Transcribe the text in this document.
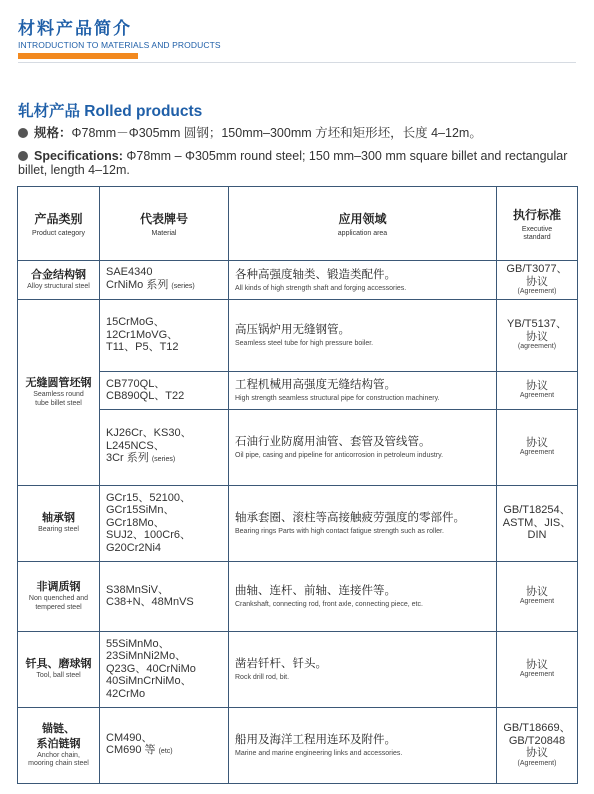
材料产品简介
INTRODUCTION TO MATERIALS AND PRODUCTS
轧材产品 Rolled products
规格：Φ78mm－Φ305mm 圆钢；150mm–300mm 方坯和矩形坯，长度 4–12m。
Specifications: Φ78mm – Φ305mm round steel; 150 mm–300 mm square billet and rectangular billet, length 4–12m.
产品类别
Product category	代表牌号
Material	应用领域
application area	执行标准
Executive standard

合金结构钢
Alloy structural steel	SAE4340
CrNiMo 系列 (series)	各种高强度轴类、锻造类配件。
All kinds of high strength shaft and forging accessories.	GB/T3077、
协议
(Agreement)

无缝圆管坯钢
Seamless round
tube billet steel	15CrMoG、
12Cr1MoVG、
T11、P5、T12	高压锅炉用无缝钢管。
Seamless steel tube for high pressure boiler.	YB/T5137、
协议
(agreement)

	CB770QL、
CB890QL、T22	工程机械用高强度无缝结构管。
High strength seamless structural pipe for construction machinery.	协议
Agreement

	KJ26Cr、KS30、
L245NCS、
3Cr 系列 (series)	石油行业防腐用油管、套管及管线管。
Oil pipe, casing and pipeline for anticorrosion in petroleum industry.	协议
Agreement

轴承钢
Bearing steel	GCr15、52100、
GCr15SiMn、
GCr18Mo、
SUJ2、100Cr6、
G20Cr2Ni4	轴承套圈、滚柱等高接触疲劳强度的零部件。
Bearing rings Parts with high contact fatigue strength such as roller.	GB/T18254、
ASTM、JIS、
DIN

非调质钢
Non quenched and
tempered steel	S38MnSiV、
C38+N、48MnVS	曲轴、连杆、前轴、连接件等。
Crankshaft, connecting rod, front axle, connecting piece, etc.	协议
Agreement

钎具、磨球钢
Tool, ball steel	55SiMnMo、
23SiMnNi2Mo、
Q23G、40CrNiMo
40SiMnCrNiMo、
42CrMo	凿岩钎杆、钎头。
Rock drill rod, bit.	协议
Agreement

锚链、
系泊链钢
Anchor chain,
mooring chain steel	CM490、
CM690 等 (etc)	船用及海洋工程用连环及附件。
Marine and marine engineering links and accessories.	GB/T18669、
GB/T20848
协议
(Agreement)
